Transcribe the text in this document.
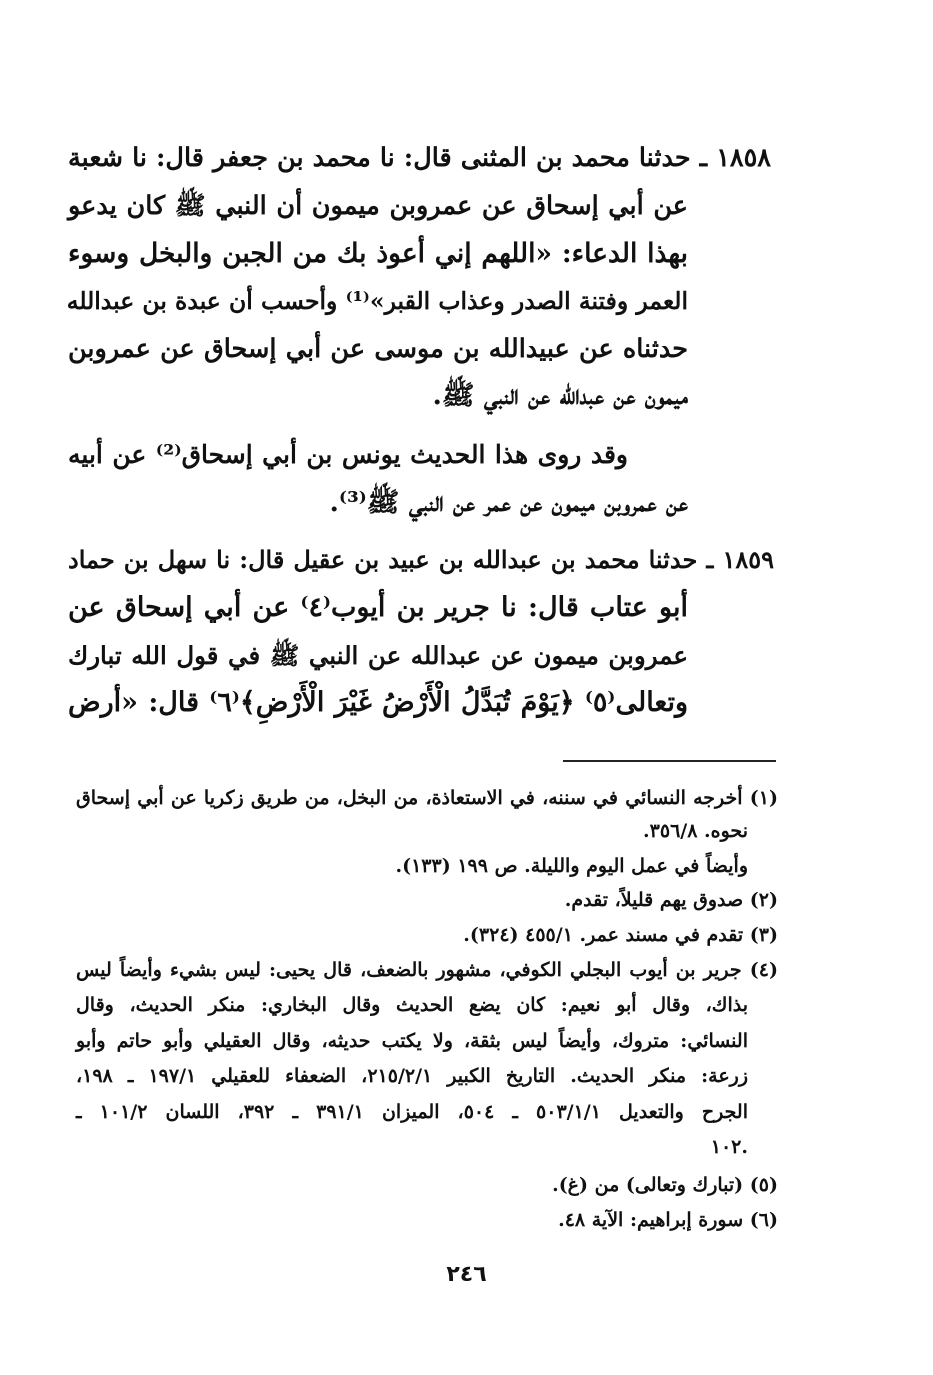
١٨٥٨ ـ حدثنا محمد بن المثنى قال: نا محمد بن جعفر قال: نا شعبة
عن أبي إسحاق عن عمروبن ميمون أن النبي ﷺ كان يدعو
بهذا الدعاء: «اللهم إني أعوذ بك من الجبن والبخل وسوء
العمر وفتنة الصدر وعذاب القبر»⁽¹⁾ وأحسب أن عبدة بن عبدالله
حدثناه عن عبيدالله بن موسى عن أبي إسحاق عن عمروبن
ميمون عن عبدالله عن النبي ﷺ.
وقد روى هذا الحديث يونس بن أبي إسحاق⁽²⁾ عن أبيه
عن عمروبن ميمون عن عمر عن النبي ﷺ⁽³⁾.
١٨٥٩ ـ حدثنا محمد بن عبدالله بن عبيد بن عقيل قال: نا سهل بن حماد
أبو عتاب قال: نا جرير بن أيوب⁽٤⁾ عن أبي إسحاق عن
عمروبن ميمون عن عبدالله عن النبي ﷺ في قول الله تبارك
وتعالى⁽٥⁾ ﴿يَوْمَ تُبَدَّلُ الْأَرْضُ غَيْرَ الْأَرْضِ﴾⁽٦⁾ قال: «أرض
(١) أخرجه النسائي في سننه، في الاستعاذة، من البخل، من طريق زكريا عن أبي إسحاق
نحوه. ٣٥٦/٨.
وأيضاً في عمل اليوم والليلة. ص ١٩٩ (١٣٣).
(٢) صدوق يهم قليلاً، تقدم.
(٣) تقدم في مسند عمر. ٤٥٥/١ (٣٢٤).
(٤) جرير بن أيوب البجلي الكوفي، مشهور بالضعف، قال يحيى: ليس بشيء وأيضاً ليس
بذاك، وقال أبو نعيم: كان يضع الحديث وقال البخاري: منكر الحديث، وقال
النسائي: متروك، وأيضاً ليس بثقة، ولا يكتب حديثه، وقال العقيلي وأبو حاتم وأبو
زرعة: منكر الحديث. التاريخ الكبير ٢١٥/٢/١، الضعفاء للعقيلي ١٩٧/١ ـ ١٩٨،
الجرح والتعديل ٥٠٣/١/١ ـ ٥٠٤، الميزان ٣٩١/١ ـ ٣٩٢، اللسان ١٠١/٢ ـ
١٠٢.
(٥) (تبارك وتعالى) من (غ).
(٦) سورة إبراهيم: الآية ٤٨.
٢٤٦
